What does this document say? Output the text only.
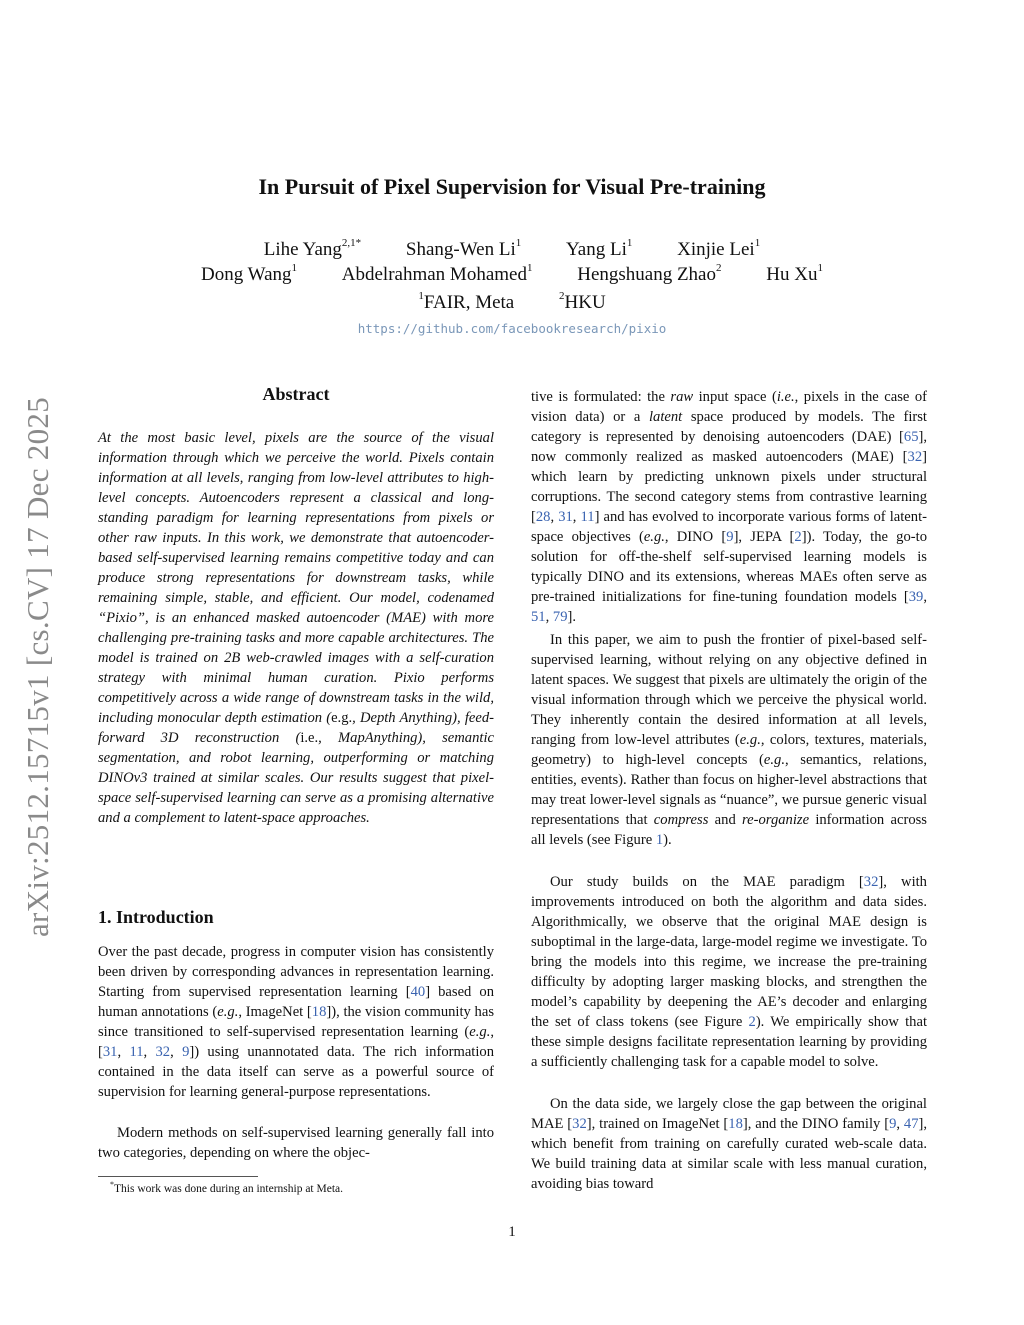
arXiv:2512.15715v1 [cs.CV] 17 Dec 2025
In Pursuit of Pixel Supervision for Visual Pre-training
Lihe Yang$^{2,1*}$ Shang-Wen Li$^1$ Yang Li$^1$ Xinjie Lei$^1$
Dong Wang$^1$ Abdelrahman Mohamed$^1$ Hengshuang Zhao$^2$ Hu Xu$^1$
$^1$FAIR, Meta	$^2$HKU
https://github.com/facebookresearch/pixio
Abstract

At the most basic level, pixels are the source of the visual information through which we perceive the world. Pixels contain information at all levels, ranging from low-level attributes to high-level concepts. Autoencoders represent a classical and long-standing paradigm for learning representations from pixels or other raw inputs. In this work, we demonstrate that autoencoder-based self-supervised learning remains competitive today and can produce strong representations for downstream tasks, while remaining simple, stable, and efficient. Our model, codenamed “Pixio”, is an enhanced masked autoencoder (MAE) with more challenging pre-training tasks and more capable architectures. The model is trained on 2B web-crawled images with a self-curation strategy with minimal human curation. Pixio performs competitively across a wide range of downstream tasks in the wild, including monocular depth estimation (e.g., Depth Anything), feed-forward 3D reconstruction (i.e., MapAnything), semantic segmentation, and robot learning, outperforming or matching DINOv3 trained at similar scales. Our results suggest that pixel-space self-supervised learning can serve as a promising alternative and a complement to latent-space approaches.

1. Introduction

Over the past decade, progress in computer vision has consistently been driven by corresponding advances in representation learning. Starting from supervised representation learning [40] based on human annotations (e.g., ImageNet [18]), the vision community has since transitioned to self-supervised representation learning (e.g., [31, 11, 32, 9]) using unannotated data. The rich information contained in the data itself can serve as a powerful source of supervision for learning general-purpose representations.

Modern methods on self-supervised learning generally fall into two categories, depending on where the objec-

tive is formulated: the raw input space (i.e., pixels in the case of vision data) or a latent space produced by models. The first category is represented by denoising autoencoders (DAE) [65], now commonly realized as masked autoencoders (MAE) [32] which learn by predicting unknown pixels under structural corruptions. The second category stems from contrastive learning [28, 31, 11] and has evolved to incorporate various forms of latent-space objectives (e.g., DINO [9], JEPA [2]). Today, the go-to solution for off-the-shelf self-supervised learning models is typically DINO and its extensions, whereas MAEs often serve as pre-trained initializations for fine-tuning foundation models [39, 51, 79].

In this paper, we aim to push the frontier of pixel-based self-supervised learning, without relying on any objective defined in latent spaces. We suggest that pixels are ultimately the origin of the visual information through which we perceive the physical world. They inherently contain the desired information at all levels, ranging from low-level attributes (e.g., colors, textures, materials, geometry) to high-level concepts (e.g., semantics, relations, entities, events). Rather than focus on higher-level abstractions that may treat lower-level signals as “nuance”, we pursue generic visual representations that compress and re-organize information across all levels (see Figure 1).

Our study builds on the MAE paradigm [32], with improvements introduced on both the algorithm and data sides. Algorithmically, we observe that the original MAE design is suboptimal in the large-data, large-model regime we investigate. To bring the models into this regime, we increase the pre-training difficulty by adopting larger masking blocks, and strengthen the model’s capability by deepening the AE’s decoder and enlarging the set of class tokens (see Figure 2). We empirically show that these simple designs facilitate representation learning by providing a sufficiently challenging task for a capable model to solve.

On the data side, we largely close the gap between the original MAE [32], trained on ImageNet [18], and the DINO family [9, 47], which benefit from training on carefully curated web-scale data. We build training data at similar scale with less manual curation, avoiding bias toward

*This work was done during an internship at Meta.
1
